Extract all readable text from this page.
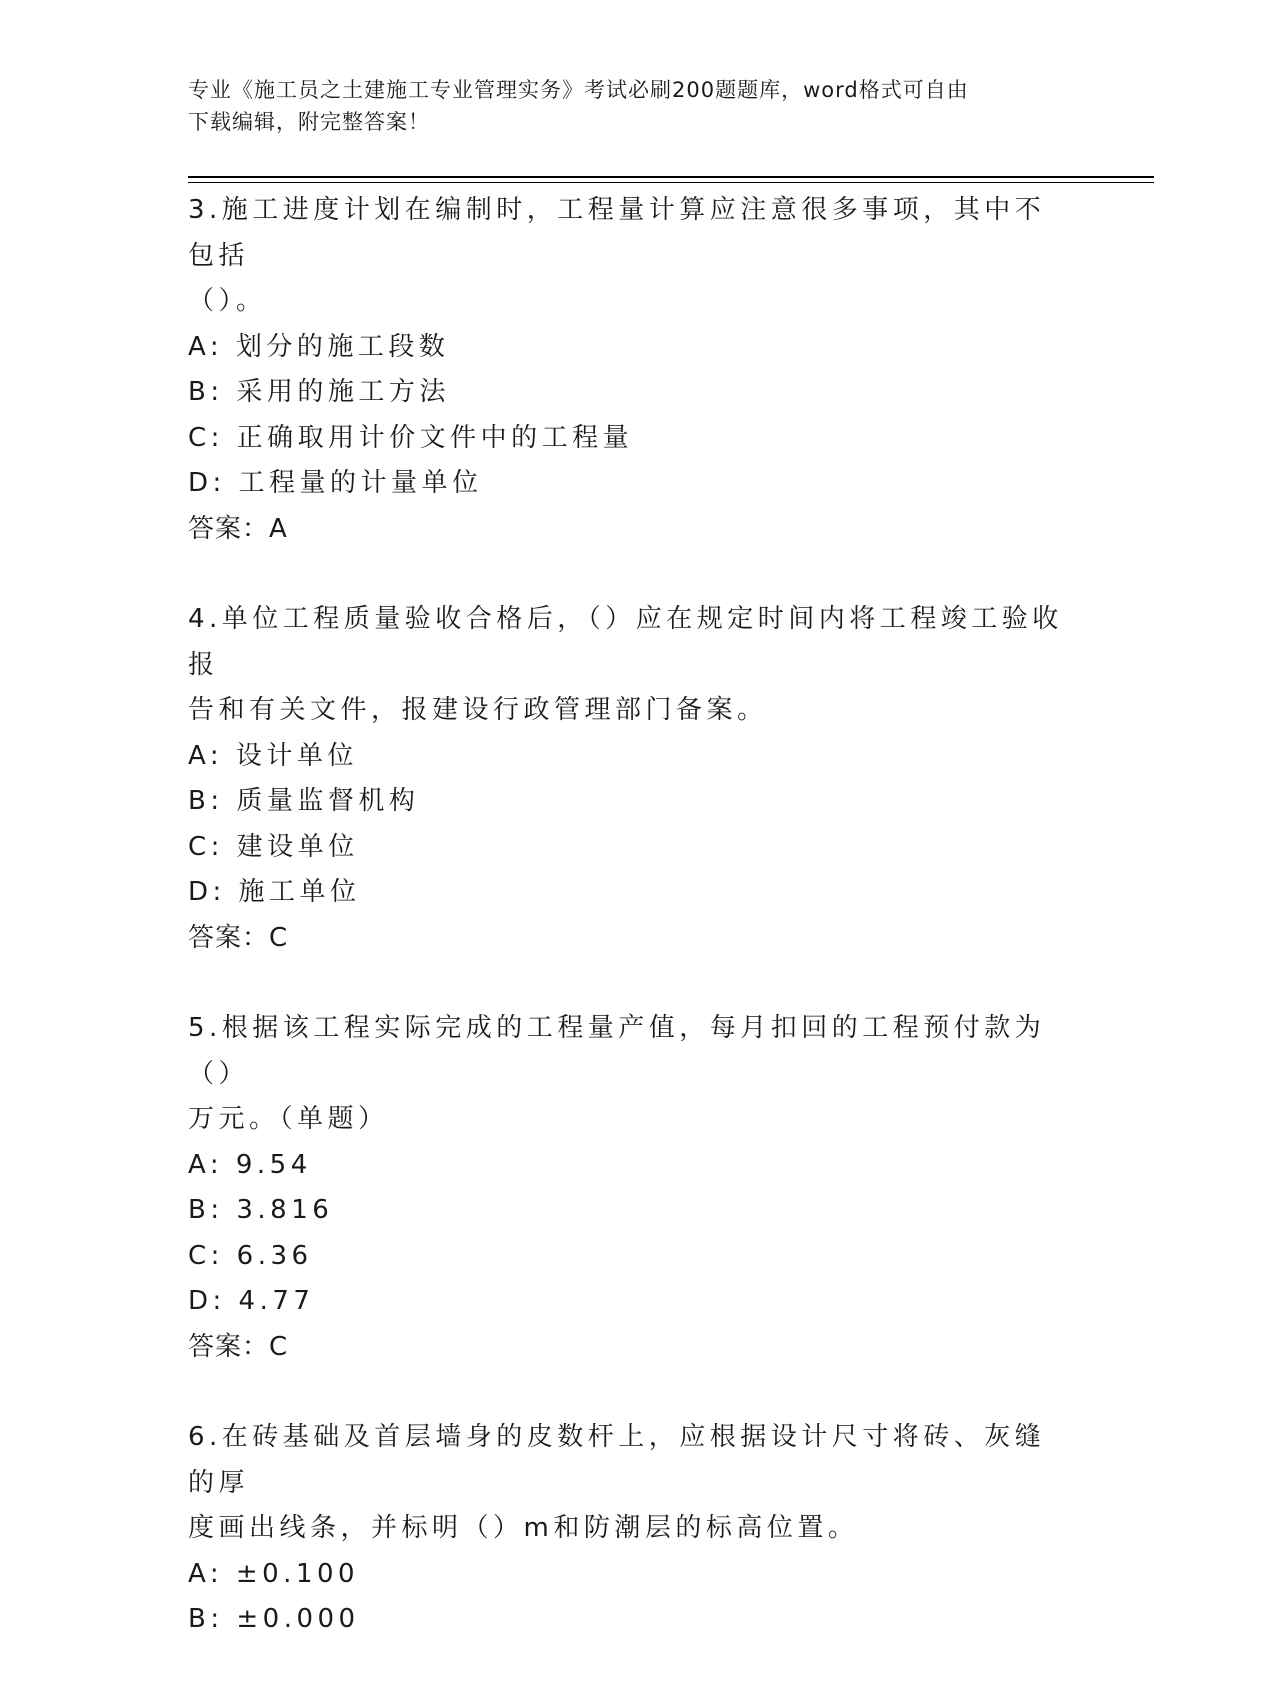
专业《施工员之土建施工专业管理实务》考试必刷200题题库，word格式可自由
下载编辑，附完整答案！
3.施工进度计划在编制时，工程量计算应注意很多事项，其中不包括
（）。
A: 划分的施工段数
B: 采用的施工方法
C: 正确取用计价文件中的工程量
D: 工程量的计量单位
答案：A
4.单位工程质量验收合格后，（）应在规定时间内将工程竣工验收报
告和有关文件，报建设行政管理部门备案。
A: 设计单位
B: 质量监督机构
C: 建设单位
D: 施工单位
答案：C
5.根据该工程实际完成的工程量产值，每月扣回的工程预付款为（）
万元。（单题）
A: 9.54
B: 3.816
C: 6.36
D: 4.77
答案：C
6.在砖基础及首层墙身的皮数杆上，应根据设计尺寸将砖、灰缝的厚
度画出线条，并标明（）m和防潮层的标高位置。
A: ±0.100
B: ±0.000
